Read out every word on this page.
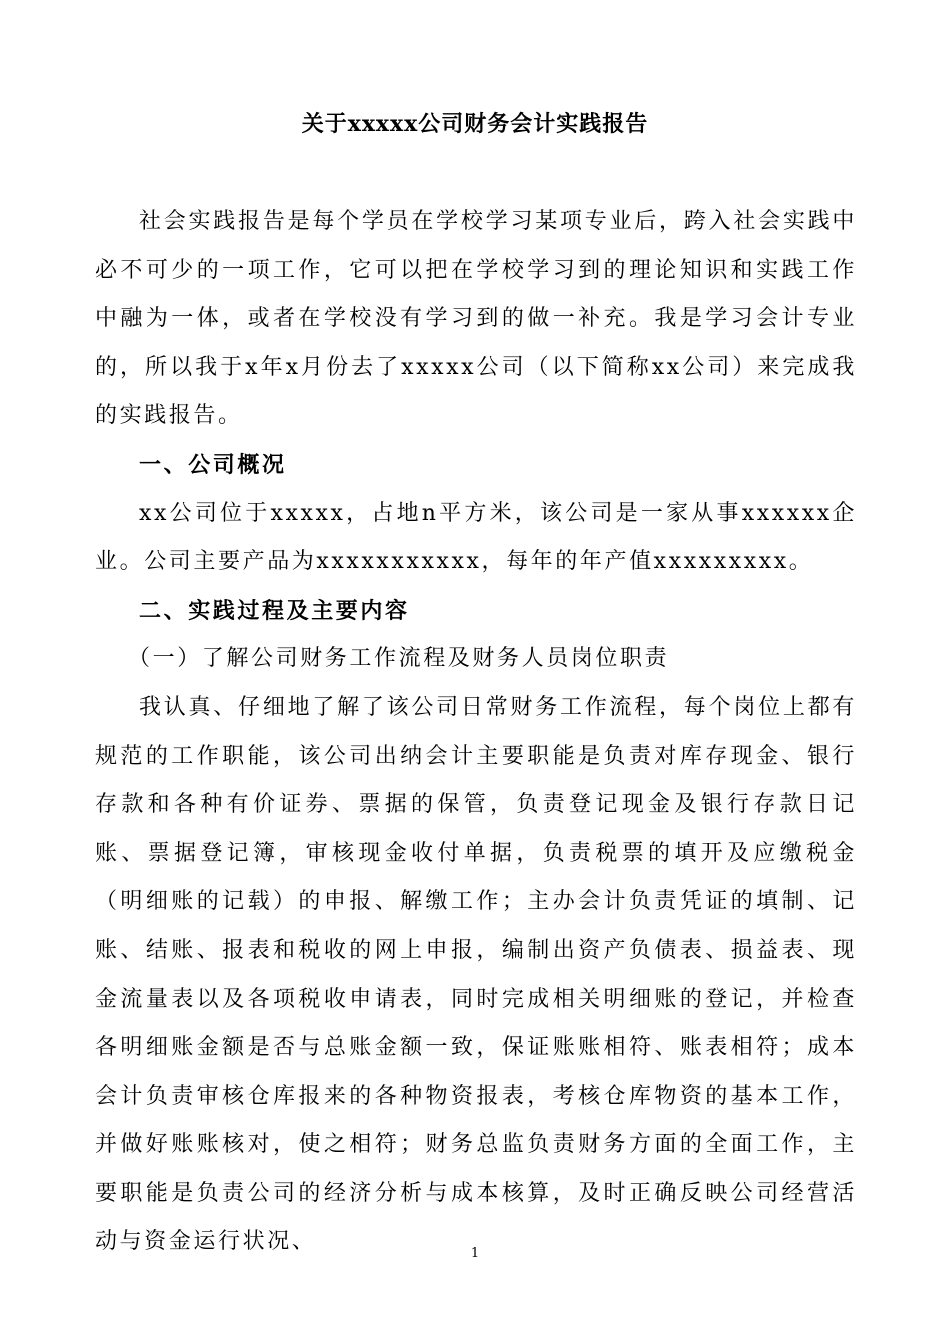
关于xxxxx公司财务会计实践报告

社会实践报告是每个学员在学校学习某项专业后，跨入社会实践中必不可少的一项工作，它可以把在学校学习到的理论知识和实践工作中融为一体，或者在学校没有学习到的做一补充。我是学习会计专业的，所以我于x年x月份去了xxxxx公司（以下简称xx公司）来完成我的实践报告。

一、公司概况

xx公司位于xxxxx，占地n平方米，该公司是一家从事xxxxxx企业。公司主要产品为xxxxxxxxxxx，每年的年产值xxxxxxxxx。

二、实践过程及主要内容

（一）了解公司财务工作流程及财务人员岗位职责

我认真、仔细地了解了该公司日常财务工作流程，每个岗位上都有规范的工作职能，该公司出纳会计主要职能是负责对库存现金、银行存款和各种有价证券、票据的保管，负责登记现金及银行存款日记账、票据登记簿，审核现金收付单据，负责税票的填开及应缴税金（明细账的记载）的申报、解缴工作；主办会计负责凭证的填制、记账、结账、报表和税收的网上申报，编制出资产负债表、损益表、现金流量表以及各项税收申请表，同时完成相关明细账的登记，并检查各明细账金额是否与总账金额一致，保证账账相符、账表相符；成本会计负责审核仓库报来的各种物资报表，考核仓库物资的基本工作，并做好账账核对，使之相符；财务总监负责财务方面的全面工作，主要职能是负责公司的经济分析与成本核算，及时正确反映公司经营活动与资金运行状况、	1
